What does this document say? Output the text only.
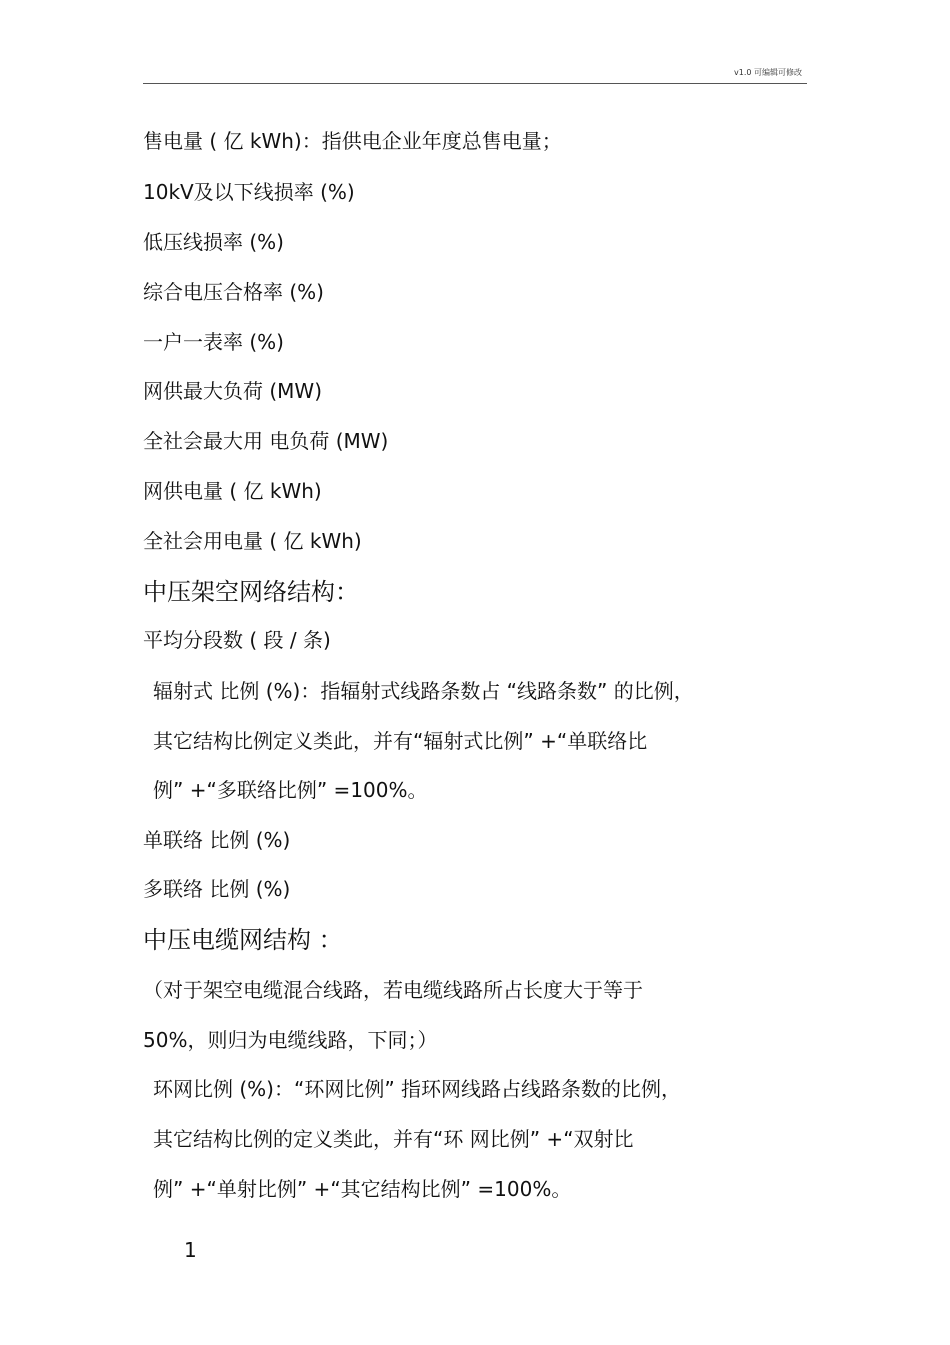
v1.0 可编辑可修改
售电量 ( 亿 kWh)：指供电企业年度总售电量；
10kV及以下线损率 (%)
低压线损率 (%)
综合电压合格率 (%)
一户一表率 (%)
网供最大负荷 (MW)
全社会最大用 电负荷 (MW)
网供电量 ( 亿 kWh)
全社会用电量 ( 亿 kWh)
中压架空网络结构：
平均分段数 ( 段 / 条)
辐射式 比例 (%)：指辐射式线路条数占 “线路条数” 的比例，
其它结构比例定义类此，并有“辐射式比例” +“单联络比
例” +“多联络比例” =100%。
单联络 比例 (%)
多联络 比例 (%)
中压电缆网结构 ：
（对于架空电缆混合线路，若电缆线路所占长度大于等于
50%，则归为电缆线路，下同；）
环网比例 (%)：“环网比例” 指环网线路占线路条数的比例，
其它结构比例的定义类此，并有“环 网比例” +“双射比
例” +“单射比例” +“其它结构比例” =100%。
1
